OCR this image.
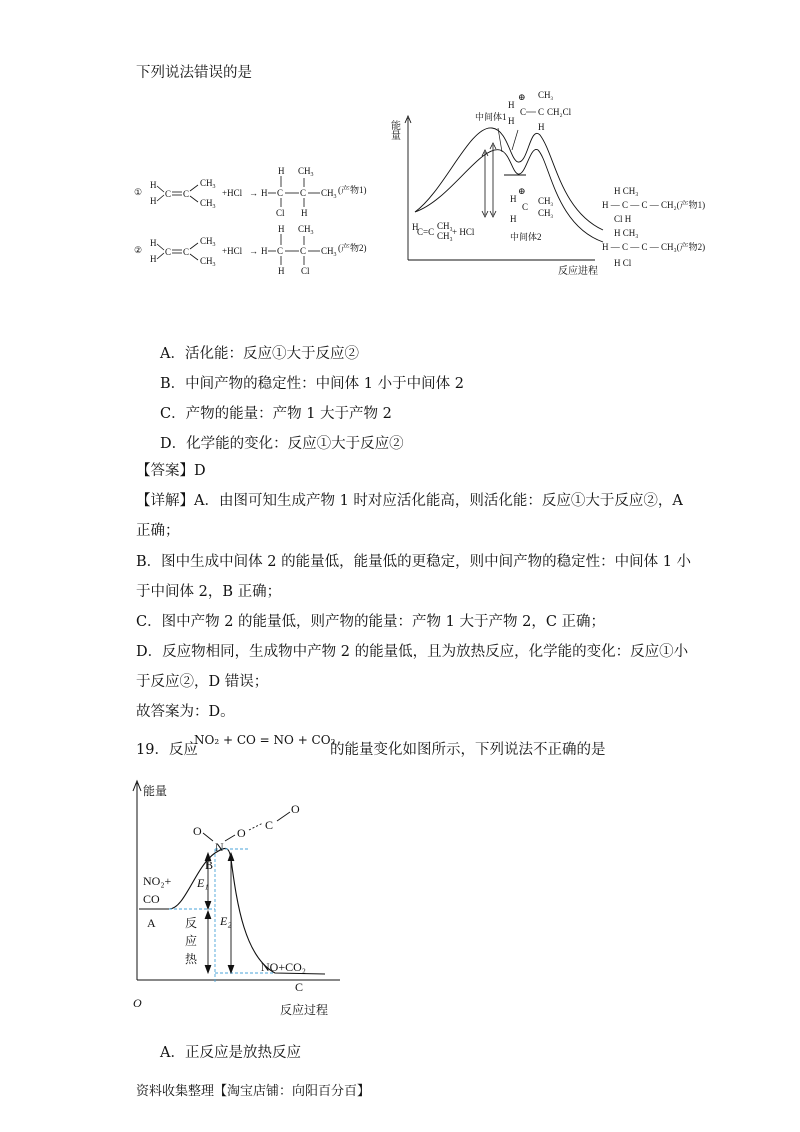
下列说法错误的是
①
H
H
C C
$CH_3$
$CH_3$
+HCl → H C
H
Cl
C
$CH_3$
H
$CH_3$
(产物1)
②
H
H
C C
$CH_3$
$CH_3$
+HCl → H C
H
H
C
$CH_3$
Cl
$CH_3$
(产物2)
能量
反应进程
中间体1
中间体2
H
⊕
C
$CH_3$
C CH₂Cl
H
H
H
⊕
C
$CH_3$
$CH_3$
H
H
C=C
CH₃
CH₃ + HCl
H — C — C — CH₂(产物1)
H CH₃
Cl H
H — C — C — CH₃(产物2)
H CH₃
H Cl
A．活化能：反应①大于反应②
B．中间产物的稳定性：中间体 1 小于中间体 2
C．产物的能量：产物 1 大于产物 2
D．化学能的变化：反应①大于反应②
【答案】D
【详解】A．由图可知生成产物 1 时对应活化能高，则活化能：反应①大于反应②，A
正确；
B．图中生成中间体 2 的能量低，能量低的更稳定，则中间产物的稳定性：中间体 1 小
于中间体 2，B 正确；
C．图中产物 2 的能量低，则产物的能量：产物 1 大于产物 2，C 正确；
D．反应物相同，生成物中产物 2 的能量低，且为放热反应，化学能的变化：反应①小
于反应②，D 错误；
故答案为：D。
19．反应
NO₂ + CO = NO + CO₂
的能量变化如图所示，下列说法不正确的是
能量
O	反应过程
NO₂+
CO
A
B
C
NO+CO₂
E₁
E₂
反
应
热
O
N
O
C
O
A．正反应是放热反应
资料收集整理【淘宝店铺：向阳百分百】
